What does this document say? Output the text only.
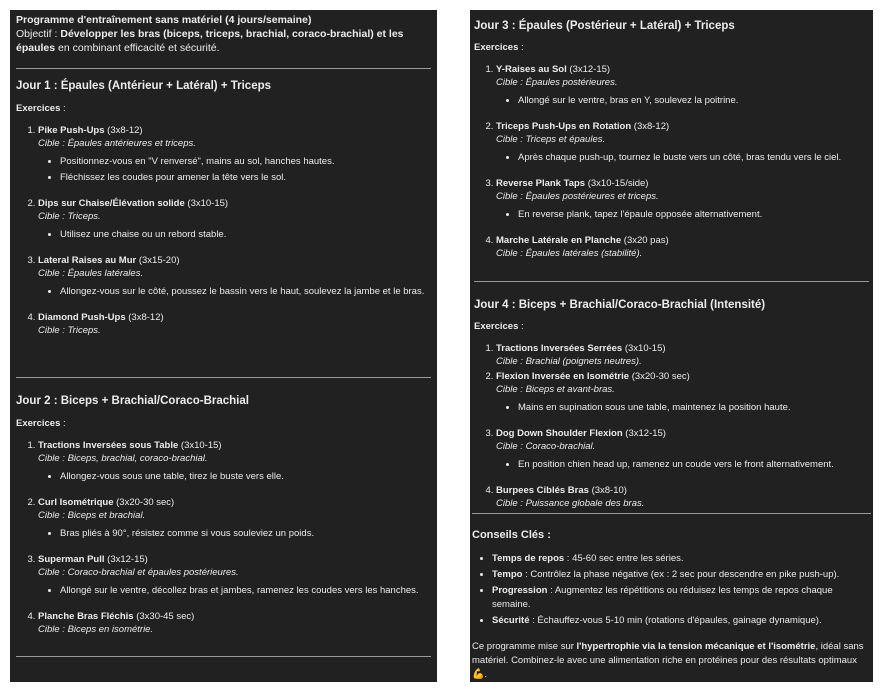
Programme d'entraînement sans matériel (4 jours/semaine)
Objectif : Développer les bras (biceps, triceps, brachial, coraco-brachial) et les épaules en combinant efficacité et sécurité.
Jour 1 : Épaules (Antérieur + Latéral) + Triceps
Exercices :
1. Pike Push-Ups (3x8-12)
Cible : Épaules antérieures et triceps.
• Positionnez-vous en "V renversé", mains au sol, hanches hautes.
• Fléchissez les coudes pour amener la tête vers le sol.
2. Dips sur Chaise/Élévation solide (3x10-15)
Cible : Triceps.
• Utilisez une chaise ou un rebord stable.
3. Lateral Raises au Mur (3x15-20)
Cible : Épaules latérales.
• Allongez-vous sur le côté, poussez le bassin vers le haut, soulevez la jambe et le bras.
4. Diamond Push-Ups (3x8-12)
Cible : Triceps.
Jour 2 : Biceps + Brachial/Coraco-Brachial
Exercices :
1. Tractions Inversées sous Table (3x10-15)
Cible : Biceps, brachial, coraco-brachial.
• Allongez-vous sous une table, tirez le buste vers elle.
2. Curl Isométrique (3x20-30 sec)
Cible : Biceps et brachial.
• Bras pliés à 90°, résistez comme si vous souleviez un poids.
3. Superman Pull (3x12-15)
Cible : Coraco-brachial et épaules postérieures.
• Allongé sur le ventre, décollez bras et jambes, ramenez les coudes vers les hanches.
4. Planche Bras Fléchis (3x30-45 sec)
Cible : Biceps en isométrie.
Jour 3 : Épaules (Postérieur + Latéral) + Triceps
Exercices :
1. Y-Raises au Sol (3x12-15)
Cible : Épaules postérieures.
• Allongé sur le ventre, bras en Y, soulevez la poitrine.
2. Triceps Push-Ups en Rotation (3x8-12)
Cible : Triceps et épaules.
• Après chaque push-up, tournez le buste vers un côté, bras tendu vers le ciel.
3. Reverse Plank Taps (3x10-15/side)
Cible : Épaules postérieures et triceps.
• En reverse plank, tapez l'épaule opposée alternativement.
4. Marche Latérale en Planche (3x20 pas)
Cible : Épaules latérales (stabilité).
Jour 4 : Biceps + Brachial/Coraco-Brachial (Intensité)
Exercices :
1. Tractions Inversées Serrées (3x10-15)
Cible : Brachial (poignets neutres).
2. Flexion Inversée en Isométrie (3x20-30 sec)
Cible : Biceps et avant-bras.
• Mains en supination sous une table, maintenez la position haute.
3. Dog Down Shoulder Flexion (3x12-15)
Cible : Coraco-brachial.
• En position chien head up, ramenez un coude vers le front alternativement.
4. Burpees Ciblés Bras (3x8-10)
Cible : Puissance globale des bras.
Conseils Clés :
• Temps de repos : 45-60 sec entre les séries.
• Tempo : Contrôlez la phase négative (ex : 2 sec pour descendre en pike push-up).
• Progression : Augmentez les répétitions ou réduisez les temps de repos chaque semaine.
• Sécurité : Échauffez-vous 5-10 min (rotations d'épaules, gainage dynamique).

Ce programme mise sur l'hypertrophie via la tension mécanique et l'isométrie, idéal sans matériel. Combinez-le avec une alimentation riche en protéines pour des résultats optimaux 💪.
